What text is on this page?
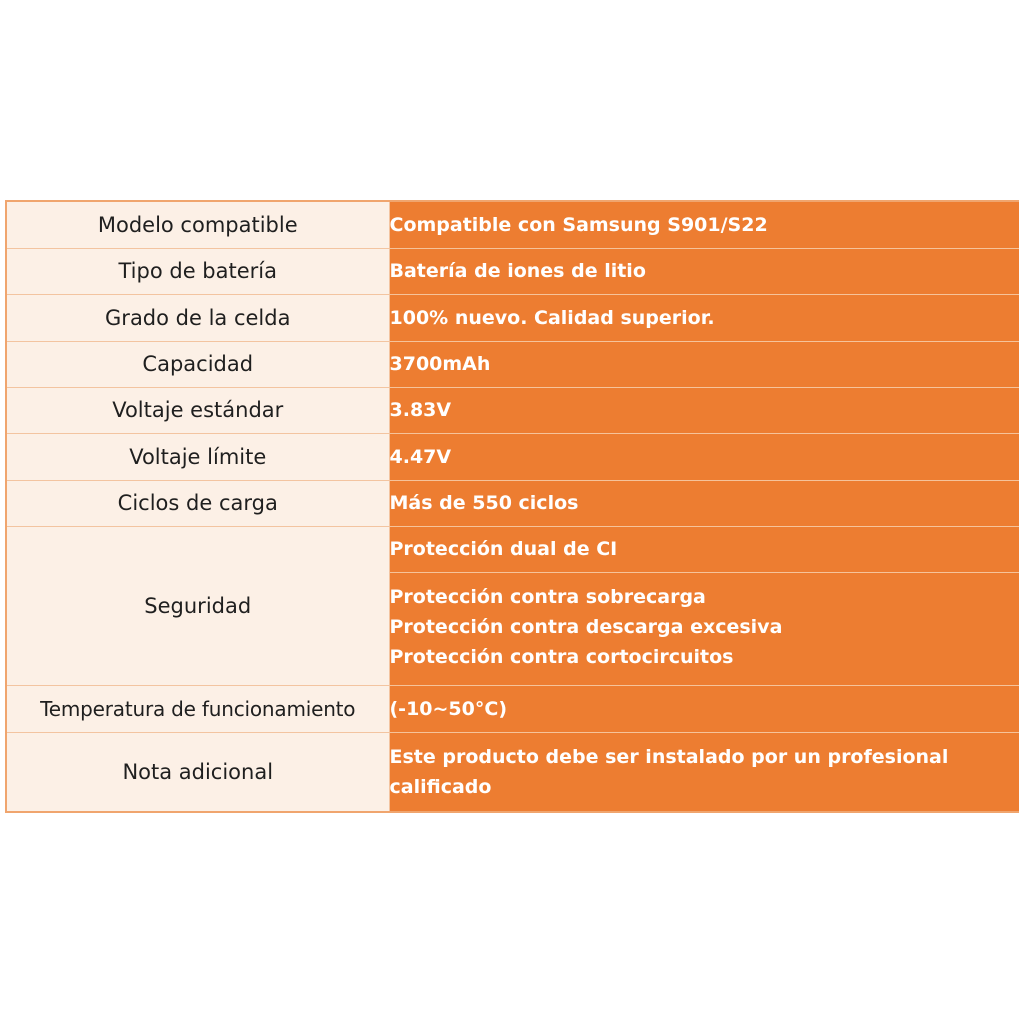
Modelo compatible	Compatible con Samsung S901/S22
Tipo de batería	Batería de iones de litio
Grado de la celda	100% nuevo. Calidad superior.
Capacidad	3700mAh
Voltaje estándar	3.83V
Voltaje límite	4.47V
Ciclos de carga	Más de 550 ciclos
Seguridad	Protección dual de CI

	Protección contra sobrecarga
Protección contra descarga excesiva
Protección contra cortocircuitos

Temperatura de funcionamiento	(-10~50°C)
Nota adicional	Este producto debe ser instalado por un profesional calificado
